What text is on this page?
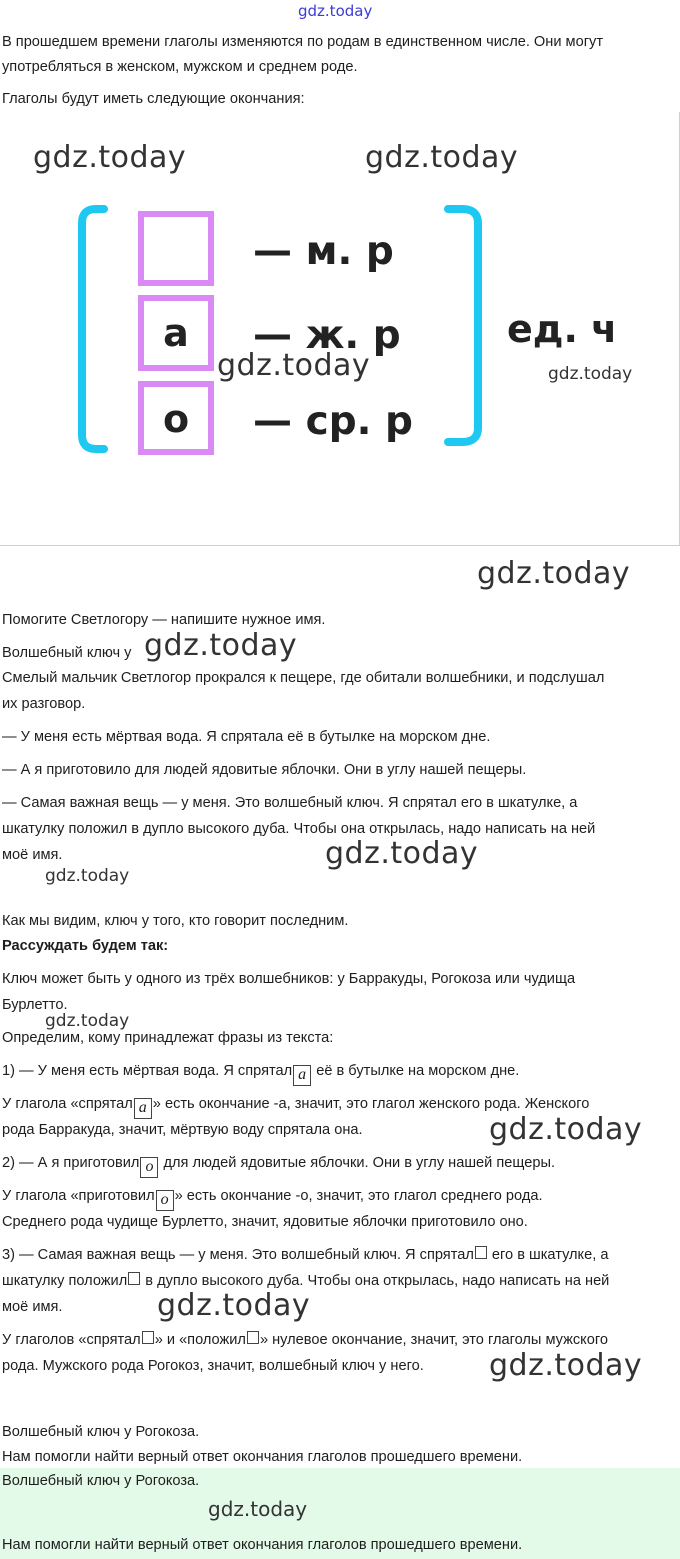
gdz.today
В прошедшем времени глаголы изменяются по родам в единственном числе. Они могут
употребляться в женском, мужском и среднем роде.
Глаголы будут иметь следующие окончания:
а
о
— м. р
— ж. р
— ср. р
ед. ч
gdz.today	gdz.today
gdz.today	gdz.today
gdz.today
Помогите Светлогору — напишите нужное имя.
Волшебный ключ у gdz.today
Смелый мальчик Светлогор прокрался к пещере, где обитали волшебники, и подслушал
их разговор.
— У меня есть мёртвая вода. Я спрятала её в бутылке на морском дне.
— А я приготовило для людей ядовитые яблочки. Они в углу нашей пещеры.
— Самая важная вещь — у меня. Это волшебный ключ. Я спрятал его в шкатулке, а
шкатулку положил в дупло высокого дуба. Чтобы она открылась, надо написать на ней
моё имя.	gdz.today
gdz.today
Как мы видим, ключ у того, кто говорит последним.
Рассуждать будем так:
Ключ может быть у одного из трёх волшебников: у Барракуды, Рогокоза или чудища
Бурлетто.
gdz.today
Определим, кому принадлежат фразы из текста:
1) — У меня есть мёртвая вода. Я спрятал а её в бутылке на морском дне.
У глагола «спрятал а » есть окончание -а, значит, это глагол женского рода. Женского
рода Барракуда, значит, мёртвую воду спрятала она.	gdz.today
2) — А я приготовил о для людей ядовитые яблочки. Они в углу нашей пещеры.
У глагола «приготовил о » есть окончание -о, значит, это глагол среднего рода.
Среднего рода чудище Бурлетто, значит, ядовитые яблочки приготовило оно.
3) — Самая важная вещь — у меня. Это волшебный ключ. Я спрятал его в шкатулке, а
шкатулку положил в дупло высокого дуба. Чтобы она открылась, надо написать на ней
моё имя.	gdz.today
У глаголов «спрятал » и «положил » нулевое окончание, значит, это глаголы мужского
рода. Мужского рода Рогокоз, значит, волшебный ключ у него. gdz.today
Волшебный ключ у Рогокоза.
Нам помогли найти верный ответ окончания глаголов прошедшего времени.
Волшебный ключ у Рогокоза.
gdz.today
Нам помогли найти верный ответ окончания глаголов прошедшего времени.
